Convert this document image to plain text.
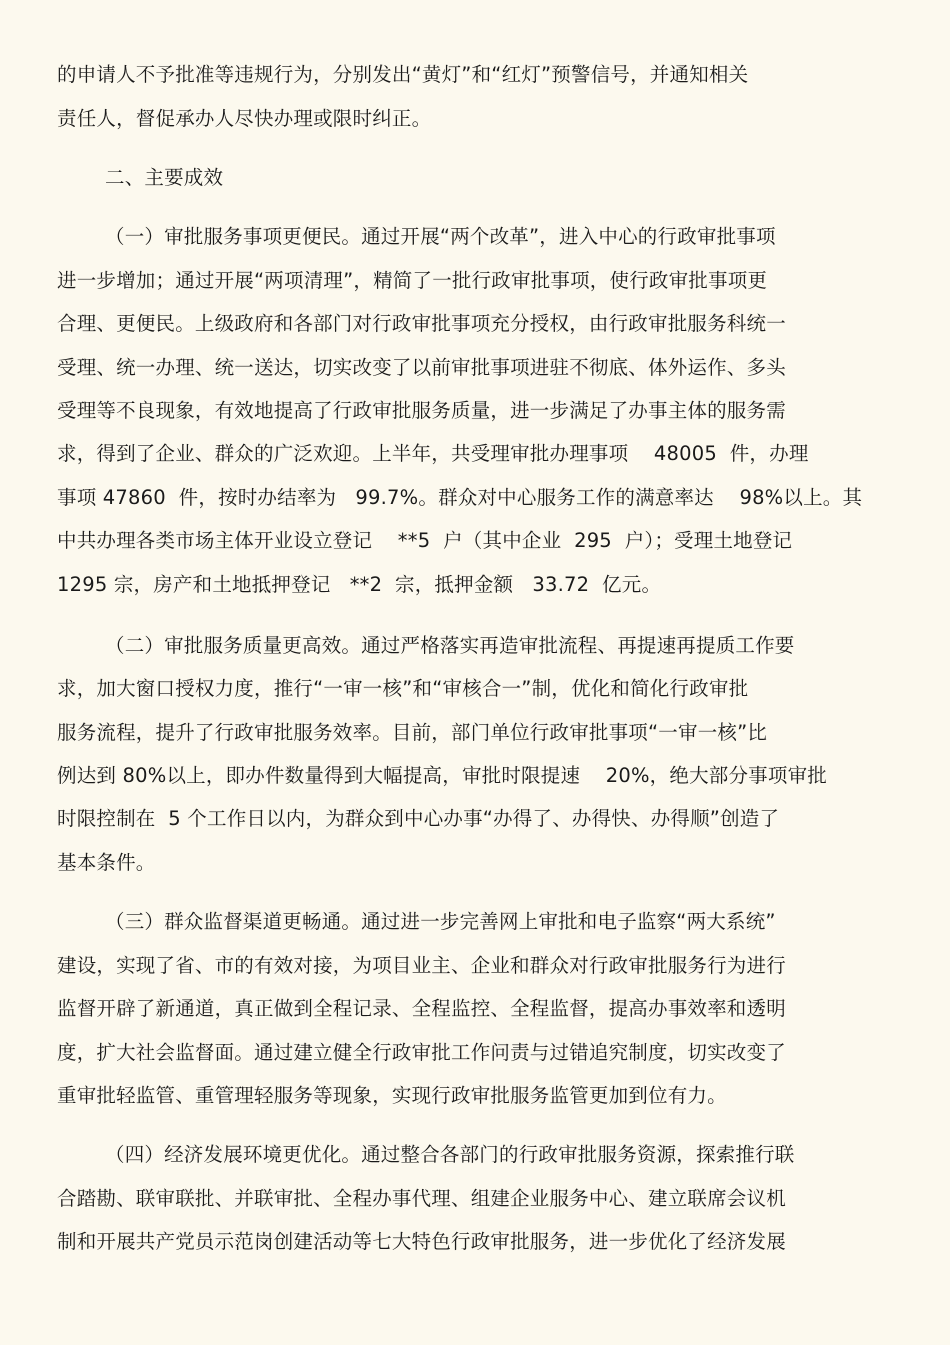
的申请人不予批准等违规行为，分别发出“黄灯”和“红灯”预警信号，并通知相关
责任人，督促承办人尽快办理或限时纠正。
二、主要成效
（一）审批服务事项更便民。通过开展“两个改革”，进入中心的行政审批事项
进一步增加；通过开展“两项清理”，精简了一批行政审批事项，使行政审批事项更
合理、更便民。上级政府和各部门对行政审批事项充分授权，由行政审批服务科统一
受理、统一办理、统一送达，切实改变了以前审批事项进驻不彻底、体外运作、多头
受理等不良现象，有效地提高了行政审批服务质量，进一步满足了办事主体的服务需
求，得到了企业、群众的广泛欢迎。上半年，共受理审批办理事项    48005  件，办理
事项 47860  件，按时办结率为   99.7%。群众对中心服务工作的满意率达    98%以上。其
中共办理各类市场主体开业设立登记    **5  户（其中企业  295  户）；受理土地登记
1295 宗，房产和土地抵押登记   **2  宗，抵押金额   33.72  亿元。
（二）审批服务质量更高效。通过严格落实再造审批流程、再提速再提质工作要
求，加大窗口授权力度，推行“一审一核”和“审核合一”制，优化和简化行政审批
服务流程，提升了行政审批服务效率。目前，部门单位行政审批事项“一审一核”比
例达到 80%以上，即办件数量得到大幅提高，审批时限提速    20%，绝大部分事项审批
时限控制在  5 个工作日以内，为群众到中心办事“办得了、办得快、办得顺”创造了
基本条件。
（三）群众监督渠道更畅通。通过进一步完善网上审批和电子监察“两大系统”
建设，实现了省、市的有效对接，为项目业主、企业和群众对行政审批服务行为进行
监督开辟了新通道，真正做到全程记录、全程监控、全程监督，提高办事效率和透明
度，扩大社会监督面。通过建立健全行政审批工作问责与过错追究制度，切实改变了
重审批轻监管、重管理轻服务等现象，实现行政审批服务监管更加到位有力。
（四）经济发展环境更优化。通过整合各部门的行政审批服务资源，探索推行联
合踏勘、联审联批、并联审批、全程办事代理、组建企业服务中心、建立联席会议机
制和开展共产党员示范岗创建活动等七大特色行政审批服务，进一步优化了经济发展
